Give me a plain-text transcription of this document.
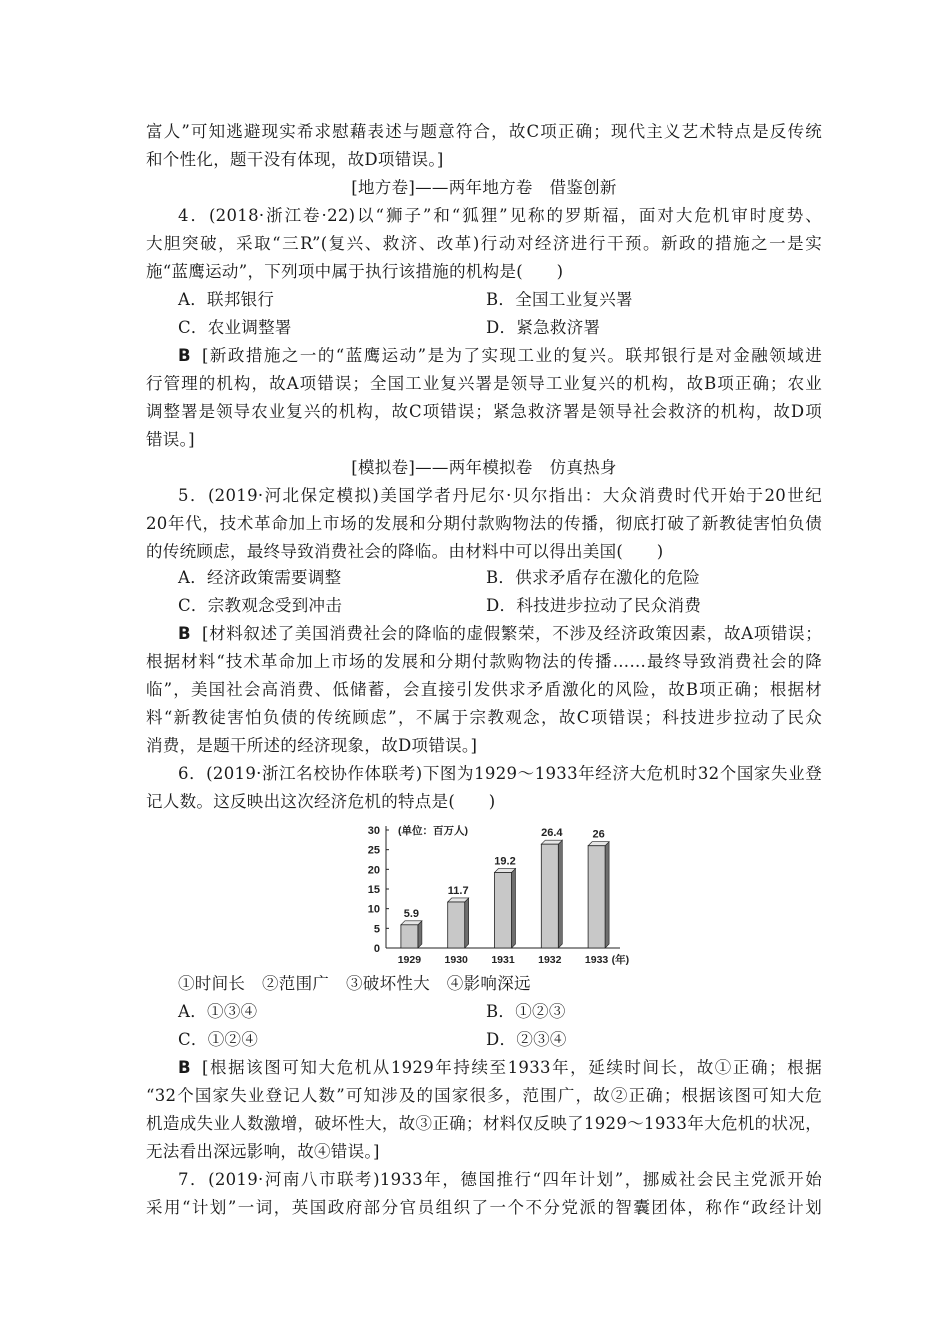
富人”可知逃避现实希求慰藉表述与题意符合，故C项正确；现代主义艺术特点是反传统
和个性化，题干没有体现，故D项错误。]
[地方卷]——两年地方卷　借鉴创新
4．(2018·浙江卷·22)以“狮子”和“狐狸”见称的罗斯福，面对大危机审时度势、
大胆突破，采取“三R”(复兴、救济、改革)行动对经济进行干预。新政的措施之一是实
施“蓝鹰运动”，下列项中属于执行该措施的机构是(　　)
A．联邦银行	B．全国工业复兴署
C．农业调整署	D．紧急救济署
B [新政措施之一的“蓝鹰运动”是为了实现工业的复兴。联邦银行是对金融领域进
行管理的机构，故A项错误；全国工业复兴署是领导工业复兴的机构，故B项正确；农业
调整署是领导农业复兴的机构，故C项错误；紧急救济署是领导社会救济的机构，故D项
错误。]
[模拟卷]——两年模拟卷　仿真热身
5．(2019·河北保定模拟)美国学者丹尼尔·贝尔指出：大众消费时代开始于20世纪
20年代，技术革命加上市场的发展和分期付款购物法的传播，彻底打破了新教徒害怕负债
的传统顾虑，最终导致消费社会的降临。由材料中可以得出美国(　　)
A．经济政策需要调整	B．供求矛盾存在激化的危险
C．宗教观念受到冲击	D．科技进步拉动了民众消费
B [材料叙述了美国消费社会的降临的虚假繁荣，不涉及经济政策因素，故A项错误；
根据材料“技术革命加上市场的发展和分期付款购物法的传播……最终导致消费社会的降
临”，美国社会高消费、低储蓄，会直接引发供求矛盾激化的风险，故B项正确；根据材
料“新教徒害怕负债的传统顾虑”，不属于宗教观念，故C项错误；科技进步拉动了民众
消费，是题干所述的经济现象，故D项错误。]
6．(2019·浙江名校协作体联考)下图为1929～1933年经济大危机时32个国家失业登
记人数。这反映出这次经济危机的特点是(　　)
0
5
10
15
20
25
30 (单位：百万人)
5.9
1929
11.7
1930
19.2
1931
26.4
1932
26
1933 (年)
①时间长　②范围广　③破坏性大　④影响深远
A．①③④	B．①②③
C．①②④	D．②③④
B [根据该图可知大危机从1929年持续至1933年，延续时间长，故①正确；根据
“32个国家失业登记人数”可知涉及的国家很多，范围广，故②正确；根据该图可知大危
机造成失业人数激增，破坏性大，故③正确；材料仅反映了1929～1933年大危机的状况，
无法看出深远影响，故④错误。]
7．(2019·河南八市联考)1933年，德国推行“四年计划”，挪威社会民主党派开始
采用“计划”一词，英国政府部分官员组织了一个不分党派的智囊团体，称作“政经计划
